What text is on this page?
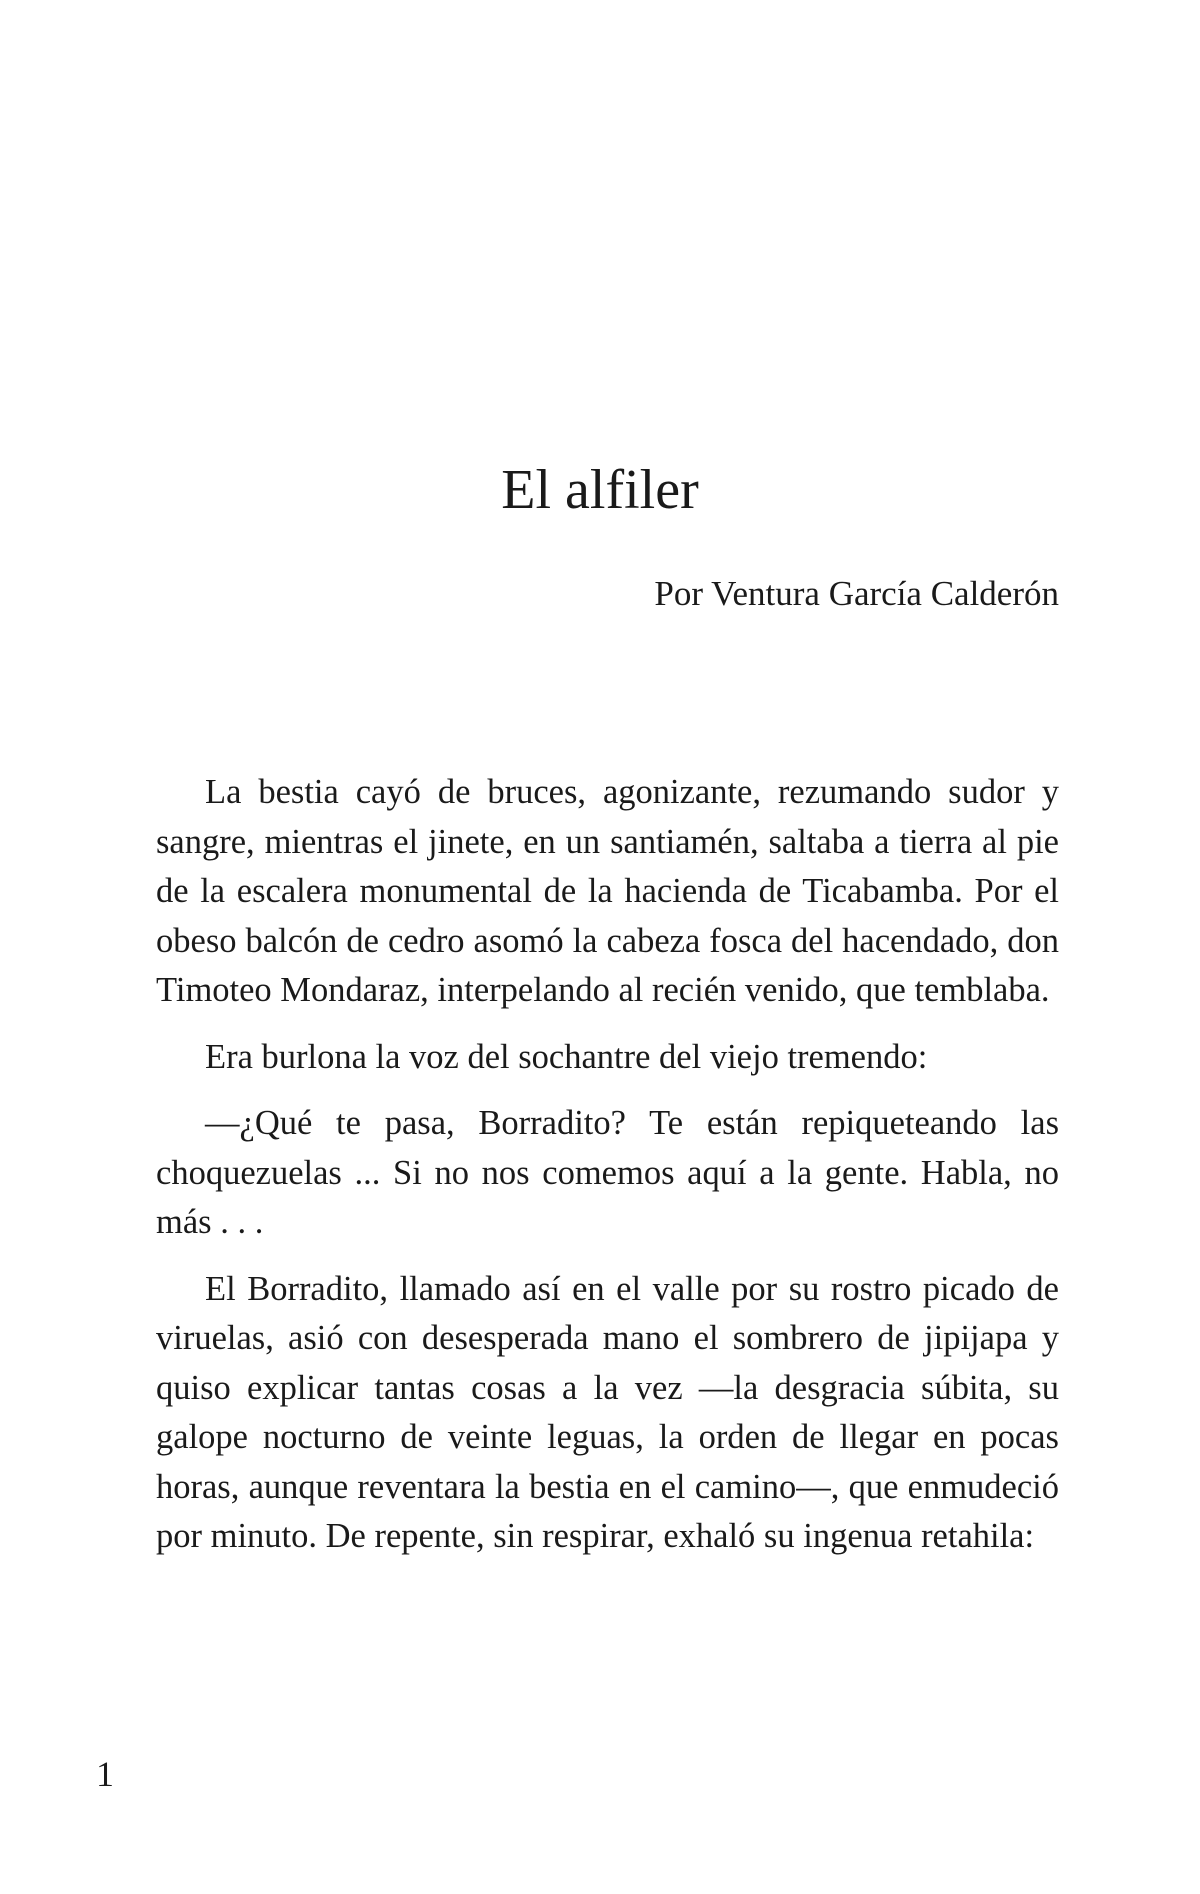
El alfiler

Por Ventura García Calderón

La bestia cayó de bruces, agonizante, rezumando sudor y sangre, mientras el jinete, en un santiamén, saltaba a tierra al pie de la escalera monumental de la hacienda de Ticabamba. Por el obeso balcón de cedro asomó la cabeza fosca del hacendado, don Timoteo Mondaraz, interpelando al recién venido, que temblaba.

Era burlona la voz del sochantre del viejo tremendo:

—¿Qué te pasa, Borradito? Te están repiqueteando las choquezuelas ... Si no nos comemos aquí a la gente. Habla, no más . . .

El Borradito, llamado así en el valle por su rostro picado de viruelas, asió con desesperada mano el sombrero de jipijapa y quiso explicar tantas cosas a la vez —la desgracia súbita, su galope nocturno de veinte leguas, la orden de llegar en pocas horas, aunque reventara la bestia en el camino—, que enmudeció por minuto. De repente, sin respirar, exhaló su ingenua retahila:

1
